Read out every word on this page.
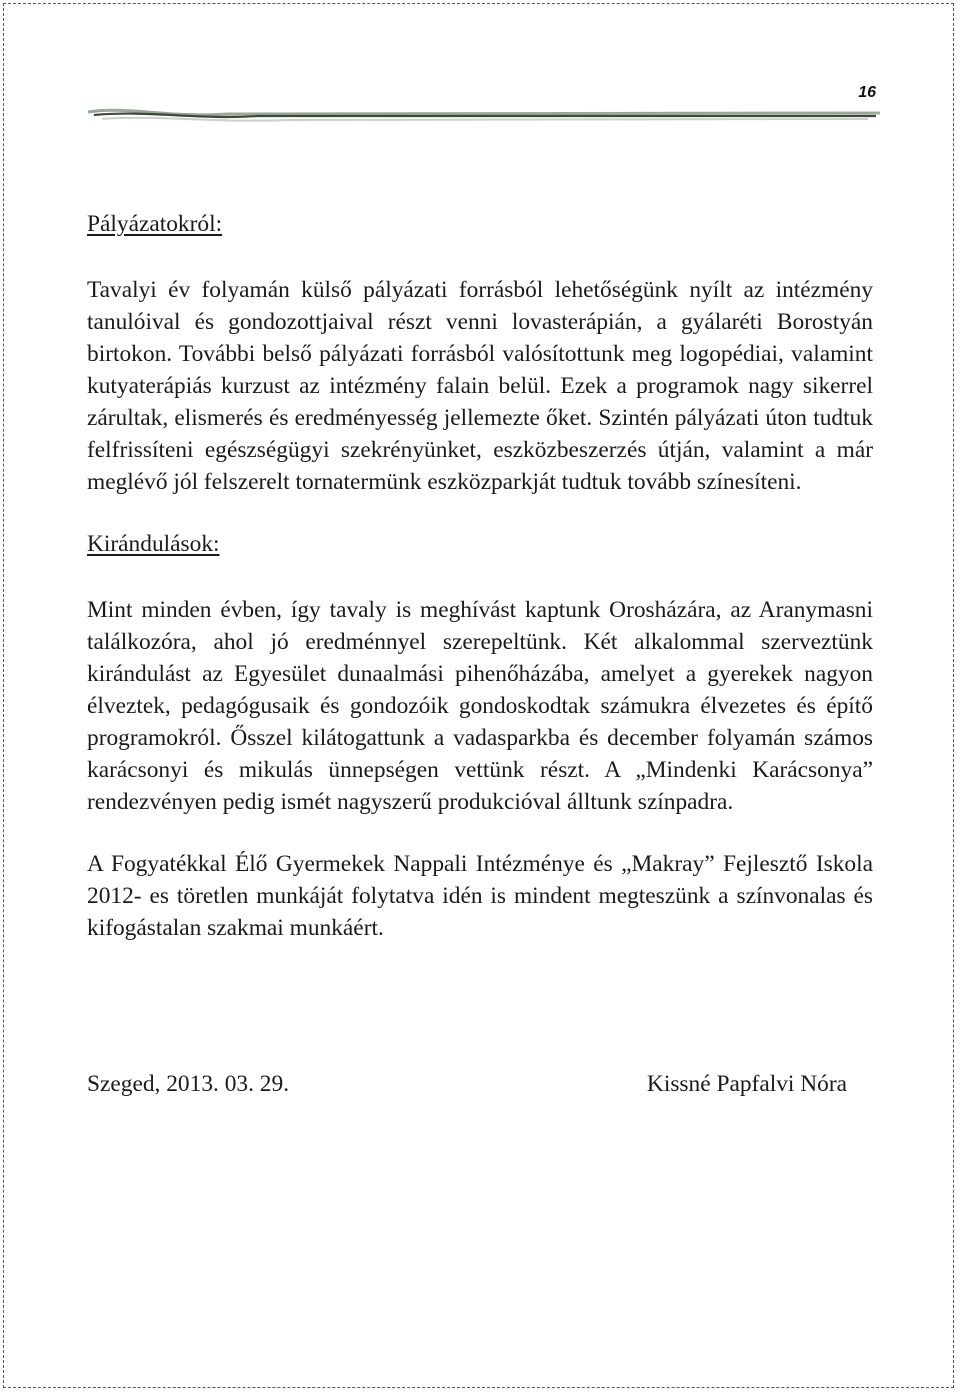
16

Pályázatokról:

Tavalyi év folyamán külső pályázati forrásból lehetőségünk nyílt az intézmény tanulóival és gondozottjaival részt venni lovasterápián, a gyálaréti Borostyán birtokon. További belső pályázati forrásból valósítottunk meg logopédiai, valamint kutyaterápiás kurzust az intézmény falain belül. Ezek a programok nagy sikerrel zárultak, elismerés és eredményesség jellemezte őket. Szintén pályázati úton tudtuk felfrissíteni egészségügyi szekrényünket, eszközbeszerzés útján, valamint a már meglévő jól felszerelt tornatermünk eszközparkját tudtuk tovább színesíteni.

Kirándulások:

Mint minden évben, így tavaly is meghívást kaptunk Orosházára, az Aranymasni találkozóra, ahol jó eredménnyel szerepeltünk. Két alkalommal szerveztünk kirándulást az Egyesület dunaalmási pihenőházába, amelyet a gyerekek nagyon élveztek, pedagógusaik és gondozóik gondoskodtak számukra élvezetes és építő programokról. Ősszel kilátogattunk a vadasparkba és december folyamán számos karácsonyi és mikulás ünnepségen vettünk részt. A „Mindenki Karácsonya” rendezvényen pedig ismét nagyszerű produkcióval álltunk színpadra.

A Fogyatékkal Élő Gyermekek Nappali Intézménye és „Makray” Fejlesztő Iskola 2012- es töretlen munkáját folytatva idén is mindent megteszünk a színvonalas és kifogástalan szakmai munkáért.

Szeged, 2013. 03. 29.	Kissné Papfalvi Nóra
